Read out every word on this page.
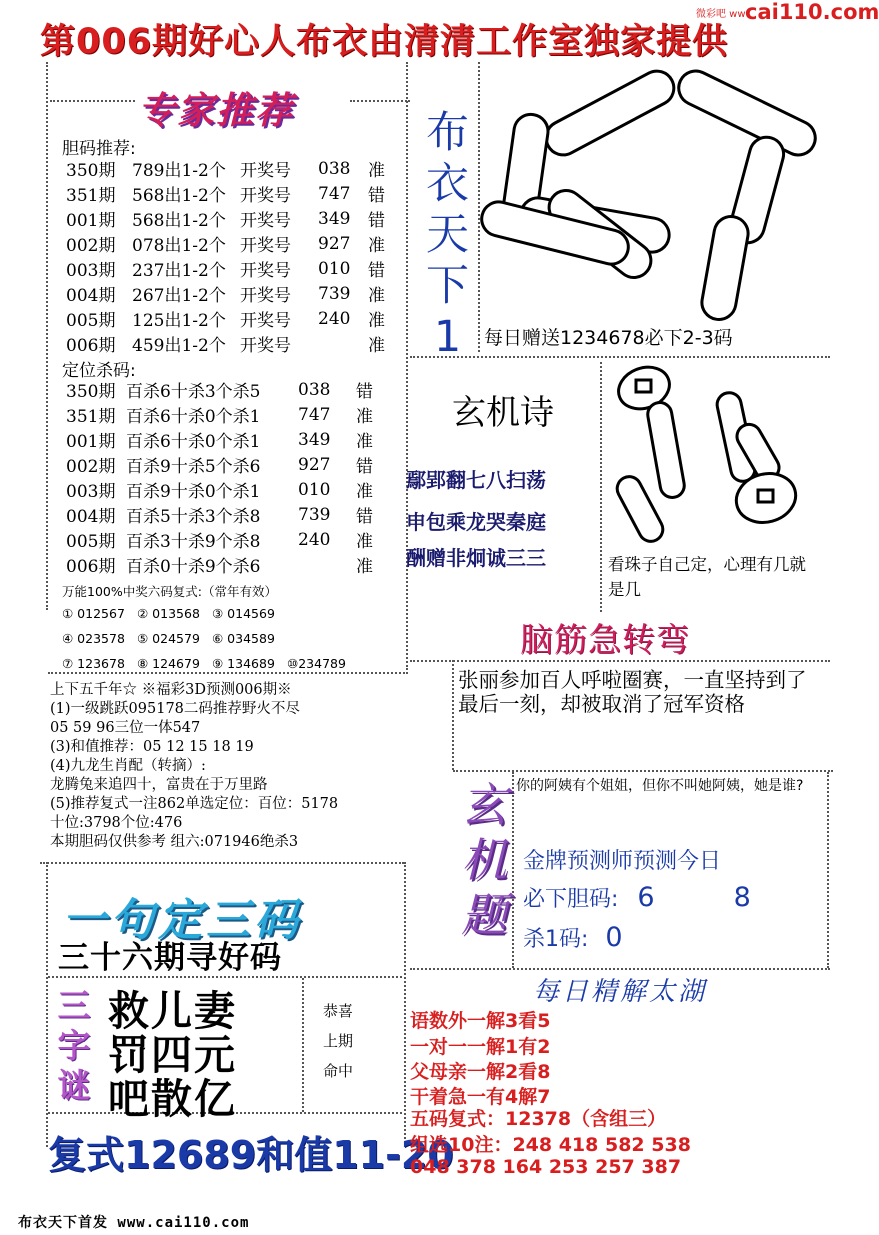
第006期好心人布衣由清清工作室独家提供
微彩吧 ww cai110.com
专家推荐
胆码推荐:
350期	789出1-2个	开奖号	038	准
351期	568出1-2个	开奖号	747	错
001期	568出1-2个	开奖号	349	错
002期	078出1-2个	开奖号	927	准
003期	237出1-2个	开奖号	010	错
004期	267出1-2个	开奖号	739	准
005期	125出1-2个	开奖号	240	准
006期	459出1-2个	开奖号		准
定位杀码:
350期	百杀6十杀3个杀5	038	错
351期	百杀6十杀0个杀1	747	准
001期	百杀6十杀0个杀1	349	准
002期	百杀9十杀5个杀6	927	错
003期	百杀9十杀0个杀1	010	准
004期	百杀5十杀3个杀8	739	错
005期	百杀3十杀9个杀8	240	准
006期	百杀0十杀9个杀6		准
万能100%中奖六码复式:（常年有效）
① 012567 ② 013568 ③ 014569
④ 023578 ⑤ 024579 ⑥ 034589
⑦ 123678 ⑧ 124679 ⑨ 134689 ⑩234789
上下五千年☆ ※福彩3D预测006期※
(1)一级跳跃095178二码推荐野火不尽
05 59 96三位一体547
(3)和值推荐：05 12 15 18 19
(4)九龙生肖配（转摘）:
龙腾兔来追四十，富贵在于万里路
(5)推荐复式一注862单选定位：百位：5178
十位:3798个位:476
本期胆码仅供参考 组六:071946绝杀3
布
衣
天
下
1	每日赠送1234678必下2-3码
玄机诗
鄢郢翻七八扫荡
申包乘龙哭秦庭
酬赠非炯诚三三	看珠子自己定，心理有几就是几
脑筋急转弯
张丽参加百人呼啦圈赛，一直坚持到了最后一刻，却被取消了冠军资格
玄
机
题
你的阿姨有个姐姐，但你不叫她阿姨，她是谁?
金牌预测师预测今日
必下胆码: 6	8
杀1码: 0
一句定三码
三十六期寻好码
三
字
谜
救儿妻
罚四元
吧散亿
恭喜
上期
命中
复式12689和值11-20
每日精解太湖
语数外一解3看5
一对一一解1有2
父母亲一解2看8
干着急一有4解7
五码复式：12378（含组三）
组选10注：248 418 582 538
048 378 164 253 257 387
布衣天下首发 www.cai110.com
